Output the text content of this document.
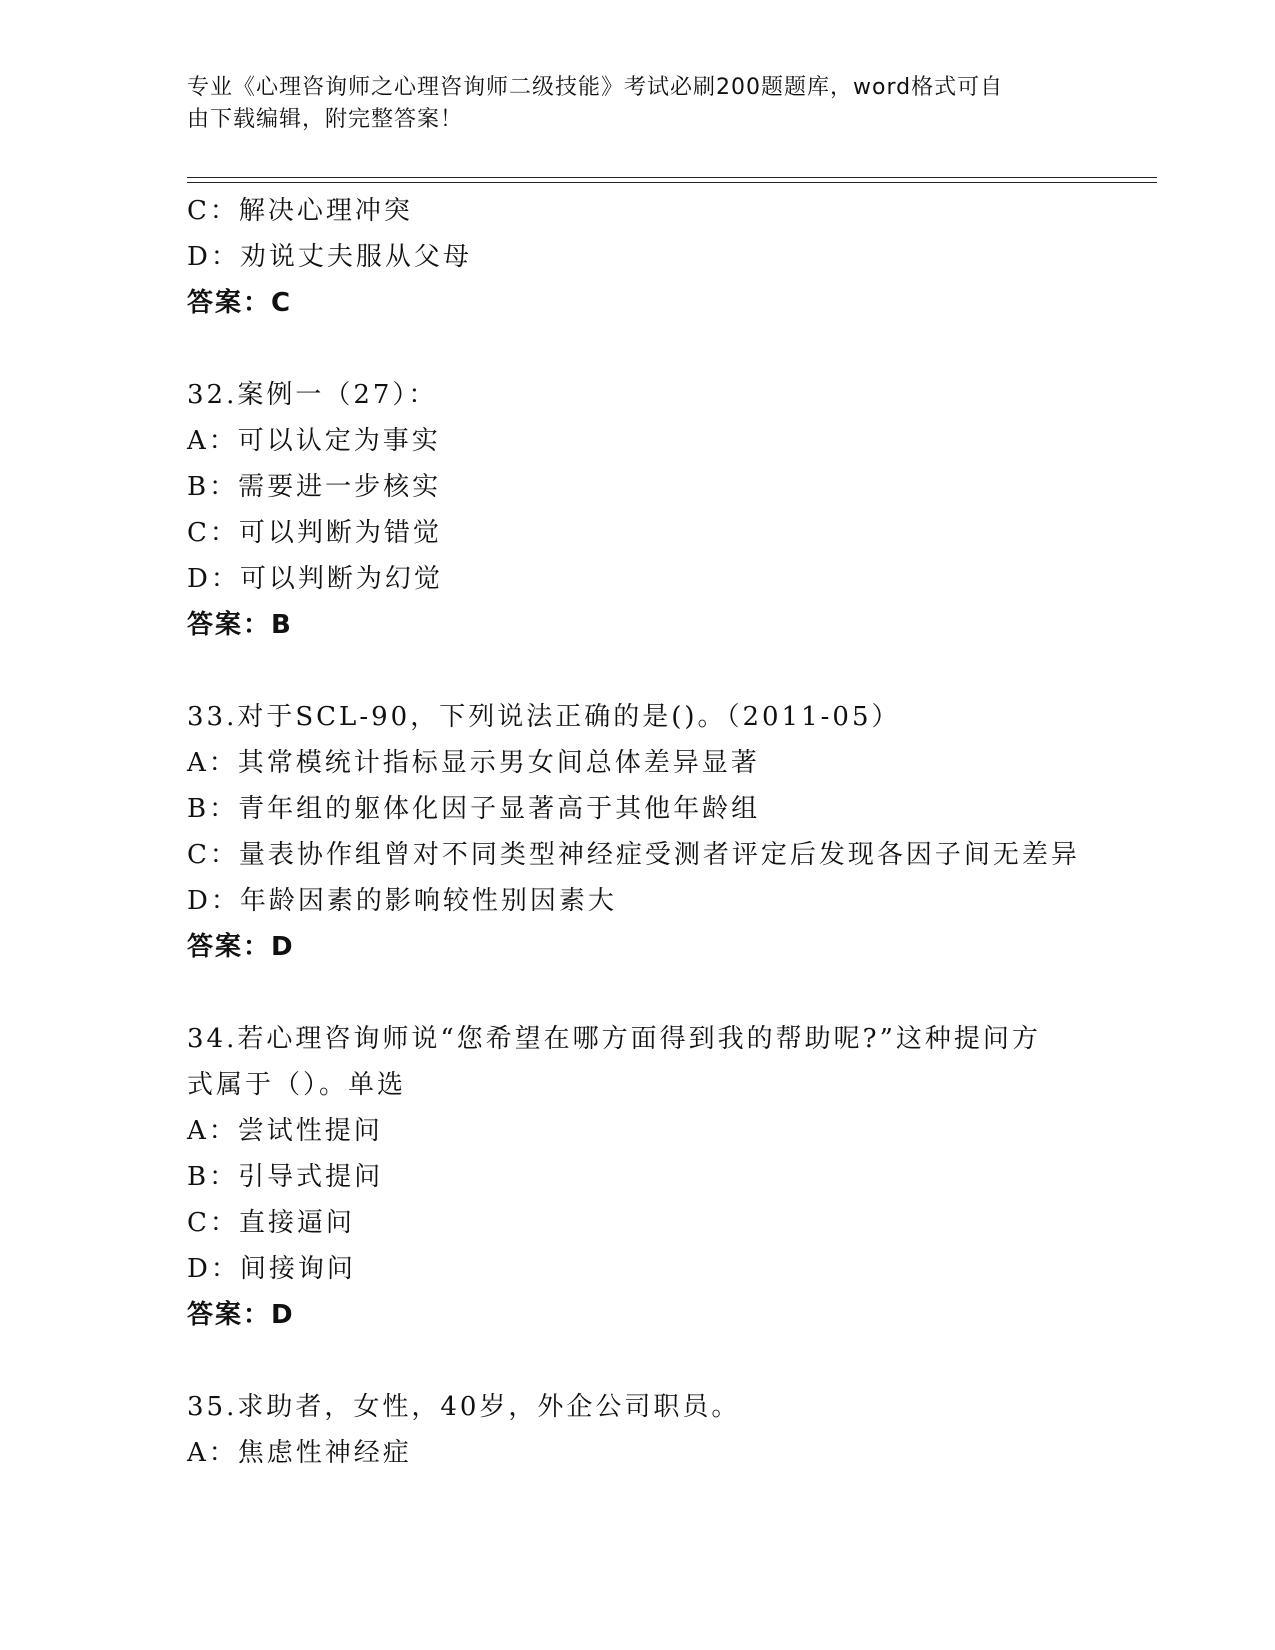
专业《心理咨询师之心理咨询师二级技能》考试必刷200题题库，word格式可自
由下载编辑，附完整答案！
C：解决心理冲突
D：劝说丈夫服从父母
答案：C
32.案例一（27）：
A：可以认定为事实
B：需要进一步核实
C：可以判断为错觉
D：可以判断为幻觉
答案：B
33.对于SCL-90，下列说法正确的是()。（2011-05）
A：其常模统计指标显示男女间总体差异显著
B：青年组的躯体化因子显著高于其他年龄组
C：量表协作组曾对不同类型神经症受测者评定后发现各因子间无差异
D：年龄因素的影响较性别因素大
答案：D
34.若心理咨询师说“您希望在哪方面得到我的帮助呢?”这种提问方
式属于（）。单选
A：尝试性提问
B：引导式提问
C：直接逼问
D：间接询问
答案：D
35.求助者，女性，40岁，外企公司职员。
A：焦虑性神经症
